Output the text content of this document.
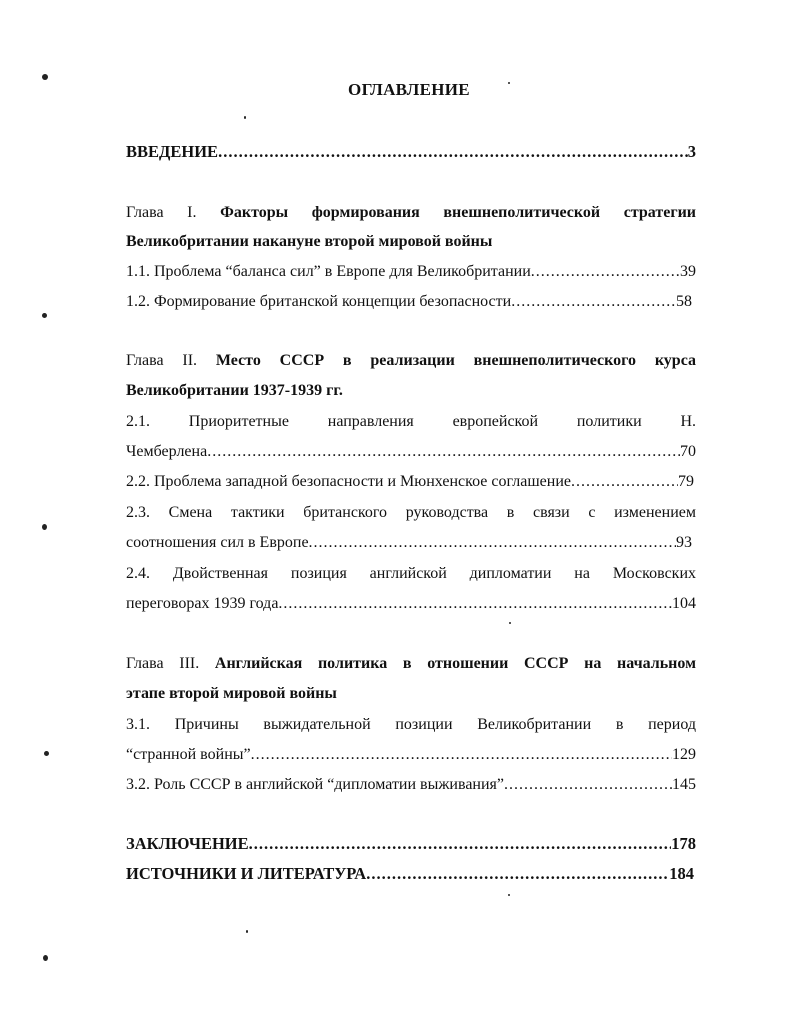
ОГЛАВЛЕНИЕ
ВВЕДЕНИЕ .....	3
Глава I. Факторы формирования внешнеполитической стратегии
Великобритании накануне второй мировой войны
1.1. Проблема “баланса сил” в Европе для Великобритании .....	39
1.2. Формирование британской концепции безопасности .....	58
Глава II. Место СССР в реализации внешнеполитического курса
Великобритании 1937-1939 гг.
2.1. Приоритетные направления европейской политики Н.
Чемберлена .....	70
2.2. Проблема западной безопасности и Мюнхенское соглашение .....	79
2.3. Смена тактики британского руководства в связи с изменением
соотношения сил в Европе .....	93
2.4. Двойственная позиция английской дипломатии на Московских
переговорах 1939 года .....	104
Глава III. Английская политика в отношении СССР на начальном
этапе второй мировой войны
3.1. Причины выжидательной позиции Великобритании в период
“странной войны” .....	129
3.2. Роль СССР в английской “дипломатии выживания” .....	145
ЗАКЛЮЧЕНИЕ .....	178
ИСТОЧНИКИ И ЛИТЕРАТУРА .....	184
